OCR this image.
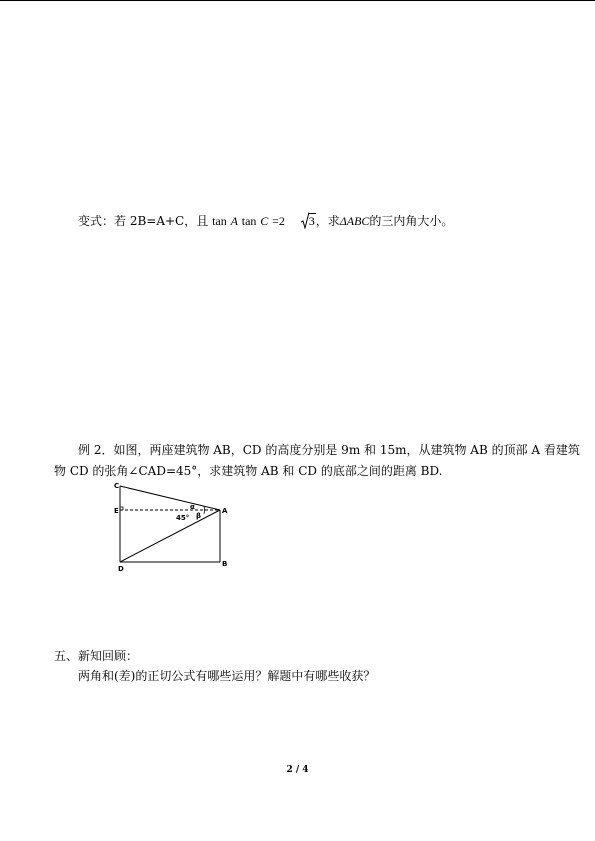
变式：若 2B=A+C，且 tan A tan C =2 3，求ΔABC的三内角大小。
例 2．如图，两座建筑物 AB，CD 的高度分别是 9m 和 15m，从建筑物 AB 的顶部 A 看建筑
物 CD 的张角∠CAD=45°，求建筑物 AB 和 CD 的底部之间的距离 BD.
C
E	A
B
D
45°
α
β
五、新知回顾：
两角和(差)的正切公式有哪些运用？解题中有哪些收获？
2 / 4
